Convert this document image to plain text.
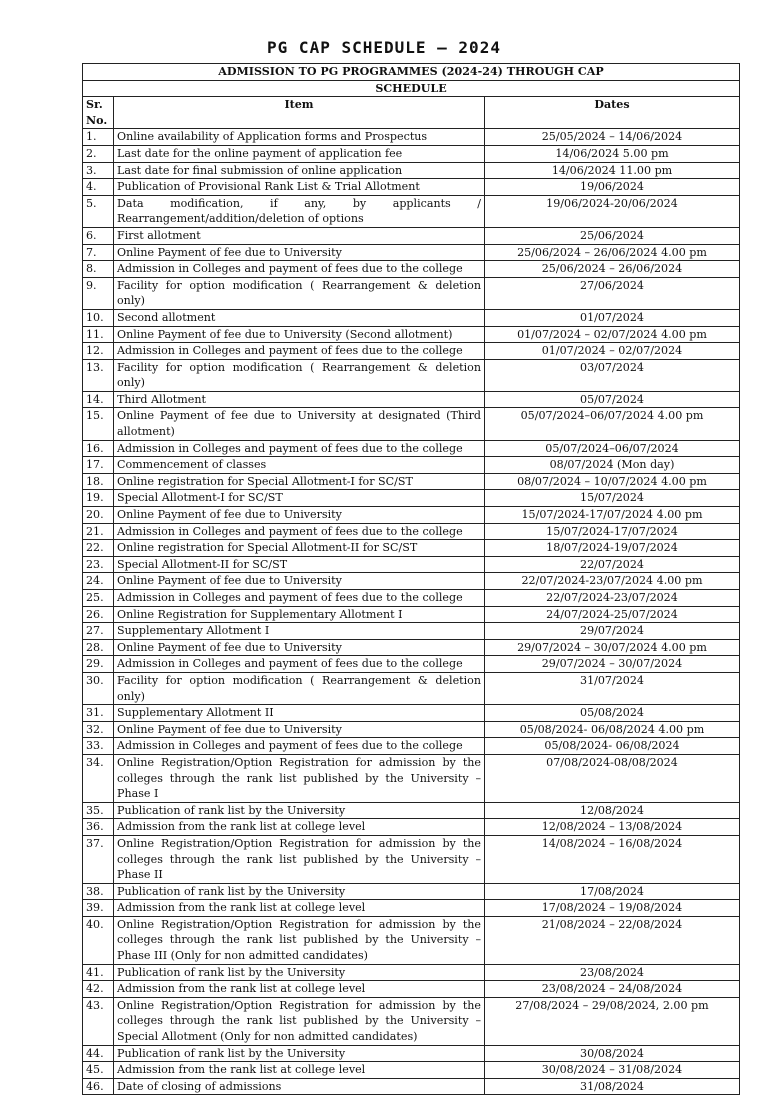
PG CAP SCHEDULE – 2024
ADMISSION TO PG PROGRAMMES (2024-24) THROUGH CAP		
SCHEDULE		
Sr. No.	Item	Dates
1.	Online availability of Application forms and Prospectus	25/05/2024 – 14/06/2024
2.	Last date for the online payment of application fee	14/06/2024 5.00 pm
3.	Last date for final submission of online application	14/06/2024 11.00 pm
4.	Publication of Provisional Rank List & Trial Allotment	19/06/2024
5.	Data modification, if any, by applicants / Rearrangement/addition/deletion of options	19/06/2024-20/06/2024
6.	First allotment	25/06/2024
7.	Online Payment of fee due to University	25/06/2024 – 26/06/2024 4.00 pm
8.	Admission in Colleges and payment of fees due to the college	25/06/2024 – 26/06/2024
9.	Facility for option modification ( Rearrangement & deletion only)	27/06/2024
10.	Second allotment	01/07/2024
11.	Online Payment of fee due to University (Second allotment)	01/07/2024 – 02/07/2024 4.00 pm
12.	Admission in Colleges and payment of fees due to the college	01/07/2024 – 02/07/2024
13.	Facility for option modification ( Rearrangement & deletion only)	03/07/2024
14.	Third Allotment	05/07/2024
15.	Online Payment of fee due to University at designated (Third allotment)	05/07/2024–06/07/2024 4.00 pm
16.	Admission in Colleges and payment of fees due to the college	05/07/2024–06/07/2024
17.	Commencement of classes	08/07/2024 (Mon day)
18.	Online registration for Special Allotment-I for SC/ST	08/07/2024 – 10/07/2024 4.00 pm
19.	Special Allotment-I for SC/ST	15/07/2024
20.	Online Payment of fee due to University	15/07/2024-17/07/2024 4.00 pm
21.	Admission in Colleges and payment of fees due to the college	15/07/2024-17/07/2024
22.	Online registration for Special Allotment-II for SC/ST	18/07/2024-19/07/2024
23.	Special Allotment-II for SC/ST	22/07/2024
24.	Online Payment of fee due to University	22/07/2024-23/07/2024 4.00 pm
25.	Admission in Colleges and payment of fees due to the college	22/07/2024-23/07/2024
26.	Online Registration for Supplementary Allotment I	24/07/2024-25/07/2024
27.	Supplementary Allotment I	29/07/2024
28.	Online Payment of fee due to University	29/07/2024 – 30/07/2024 4.00 pm
29.	Admission in Colleges and payment of fees due to the college	29/07/2024 – 30/07/2024
30.	Facility for option modification ( Rearrangement & deletion only)	31/07/2024
31.	Supplementary Allotment II	05/08/2024
32.	Online Payment of fee due to University	05/08/2024- 06/08/2024 4.00 pm
33.	Admission in Colleges and payment of fees due to the college	05/08/2024- 06/08/2024
34.	Online Registration/Option Registration for admission by the colleges through the rank list published by the University – Phase I	07/08/2024-08/08/2024
35.	Publication of rank list by the University	12/08/2024
36.	Admission from the rank list at college level	12/08/2024 – 13/08/2024
37.	Online Registration/Option Registration for admission by the colleges through the rank list published by the University – Phase II	14/08/2024 – 16/08/2024
38.	Publication of rank list by the University	17/08/2024
39.	Admission from the rank list at college level	17/08/2024 – 19/08/2024
40.	Online Registration/Option Registration for admission by the colleges through the rank list published by the University – Phase III (Only for non admitted candidates)	21/08/2024 – 22/08/2024
41.	Publication of rank list by the University	23/08/2024
42.	Admission from the rank list at college level	23/08/2024 – 24/08/2024
43.	Online Registration/Option Registration for admission by the colleges through the rank list published by the University – Special Allotment (Only for non admitted candidates)	27/08/2024 – 29/08/2024, 2.00 pm
44.	Publication of rank list by the University	30/08/2024
45.	Admission from the rank list at college level	30/08/2024 – 31/08/2024
46.	Date of closing of admissions	31/08/2024
